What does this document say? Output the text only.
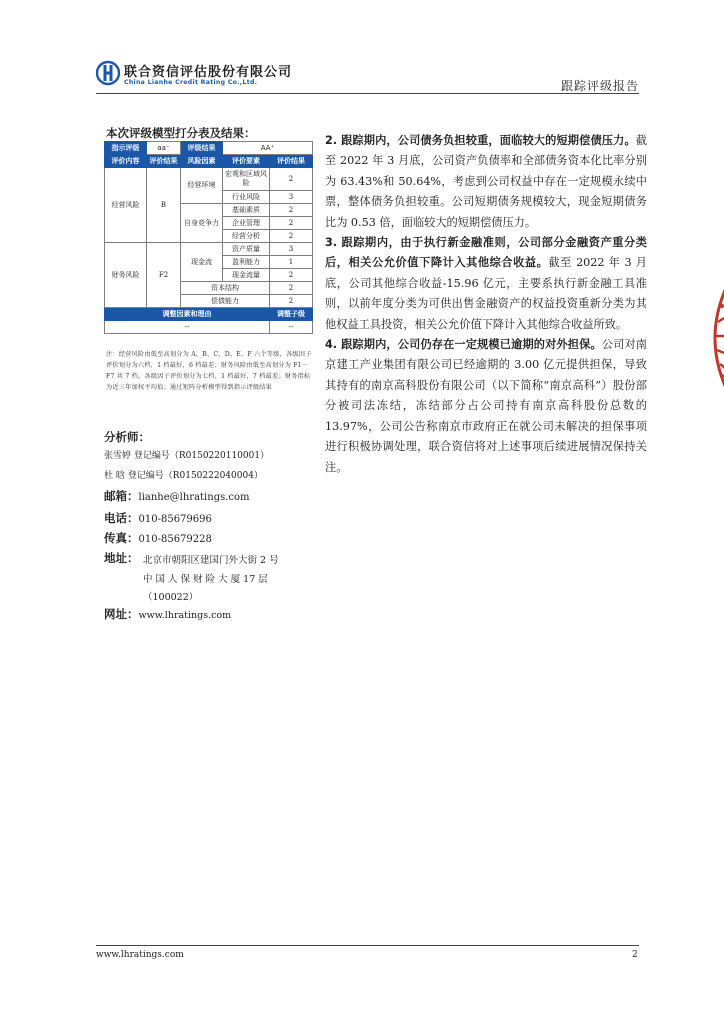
联合资信评估股份有限公司
China Lianhe Credit Rating Co.,Ltd.	跟踪评级报告
本次评级模型打分表及结果：
指示评级	aa⁻	评级结果	AA⁺	
评价内容	评价结果	风险因素	评价要素	评价结果
经营风险	B	经营环境	宏观和区域风险	2
			行业风险	3
		自身竞争力	基础素质	2
			企业管理	2
			经营分析	2
财务风险	F2	现金流	资产质量	3
			盈利能力	1
			现金流量	2
		资本结构		2
		偿债能力		2
调整因素和理由				调整子级
--				--
注：经营风险由低至高划分为 A、B、C、D、E、F 六个等级，各级因子评价划分为六档，1 档最好，6 档最差；财务风险由低至高划分为 F1－F7 共 7 档，各级因子评价划分为七档，1 档最好，7 档最差；财务指标为近三年加权平均值；通过矩阵分析模型得到指示评级结果
分析师：
张雪婷 登记编号（R0150220110001）
杜 晗 登记编号（R0150222040004）
邮箱：lianhe@lhratings.com
电话：010-85679696
传真：010-85679228
地址： 北京市朝阳区建国门外大街 2 号
中 国 人 保 财 险 大 厦 17 层
（100022）
网址：www.lhratings.com

2. 跟踪期内，公司债务负担较重，面临较大的短期偿债压力。截至 2022 年 3 月底，公司资产负债率和全部债务资本化比率分别为 63.43%和 50.64%，考虑到公司权益中存在一定规模永续中票，整体债务负担较重。公司短期债务规模较大，现金短期债务比为 0.53 倍，面临较大的短期偿债压力。

3. 跟踪期内，由于执行新金融准则，公司部分金融资产重分类后，相关公允价值下降计入其他综合收益。截至 2022 年 3 月底，公司其他综合收益-15.96 亿元，主要系执行新金融工具准则，以前年度分类为可供出售金融资产的权益投资重新分类为其他权益工具投资，相关公允价值下降计入其他综合收益所致。

4. 跟踪期内，公司仍存在一定规模已逾期的对外担保。公司对南京建工产业集团有限公司已经逾期的 3.00 亿元提供担保，导致其持有的南京高科股份有限公司（以下简称“南京高科”）股份部分被司法冻结，冻结部分占公司持有南京高科股份总数的 13.97%，公司公告称南京市政府正在就公司未解决的担保事项进行积极协调处理，联合资信将对上述事项后续进展情况保持关注。

www.lhratings.com	2
